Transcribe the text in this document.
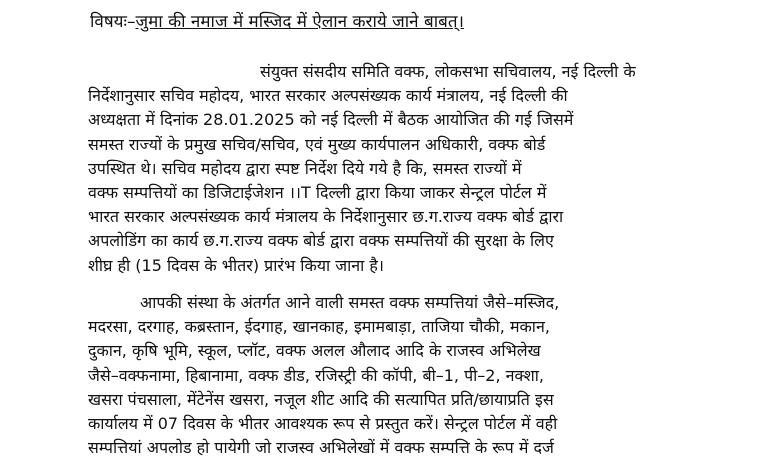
विषयः–जुमा की नमाज में मस्जिद में ऐलान कराये जाने बाबत्।

संयुक्त संसदीय समिति वक्फ, लोकसभा सचिवालय, नई दिल्ली के

निर्देशानुसार सचिव महोदय, भारत सरकार अल्पसंख्यक कार्य मंत्रालय, नई दिल्ली की

अध्यक्षता में दिनांक 28.01.2025 को नई दिल्ली में बैठक आयोजित की गई जिसमें

समस्त राज्यों के प्रमुख सचिव/सचिव, एवं मुख्य कार्यपालन अधिकारी, वक्फ बोर्ड

उपस्थित थे। सचिव महोदय द्वारा स्पष्ट निर्देश दिये गये है कि, समस्त राज्यों में

वक्फ सम्पत्तियों का डिजिटाईजेशन ।।T दिल्ली द्वारा किया जाकर सेन्ट्रल पोर्टल में

भारत सरकार अल्पसंख्यक कार्य मंत्रालय के निर्देशानुसार छ.ग.राज्य वक्फ बोर्ड द्वारा

अपलोडिंग का कार्य छ.ग.राज्य वक्फ बोर्ड द्वारा वक्फ सम्पत्तियों की सुरक्षा के लिए

शीघ्र ही (15 दिवस के भीतर) प्रारंभ किया जाना है।

आपकी संस्था के अंतर्गत आने वाली समस्त वक्फ सम्पत्तियां जैसे–मस्जिद,

मदरसा, दरगाह, कब्रस्तान, ईदगाह, खानकाह, इमामबाड़ा, ताजिया चौकी, मकान,

दुकान, कृषि भूमि, स्कूल, प्लॉट, वक्फ अलल औलाद आदि के राजस्व अभिलेख

जैसे–वक्फनामा, हिबानामा, वक्फ डीड, रजिस्ट्री की कॉपी, बी–1, पी–2, नक्शा,

खसरा पंचसाला, मेंटेनेंस खसरा, नजूल शीट आदि की सत्यापित प्रति/छायाप्रति इस

कार्यालय में 07 दिवस के भीतर आवश्यक रूप से प्रस्तुत करें। सेन्ट्रल पोर्टल में वही

सम्पत्तियां अपलोड हो पायेगी जो राजस्व अभिलेखों में वक्फ सम्पत्ति के रूप में दर्ज
